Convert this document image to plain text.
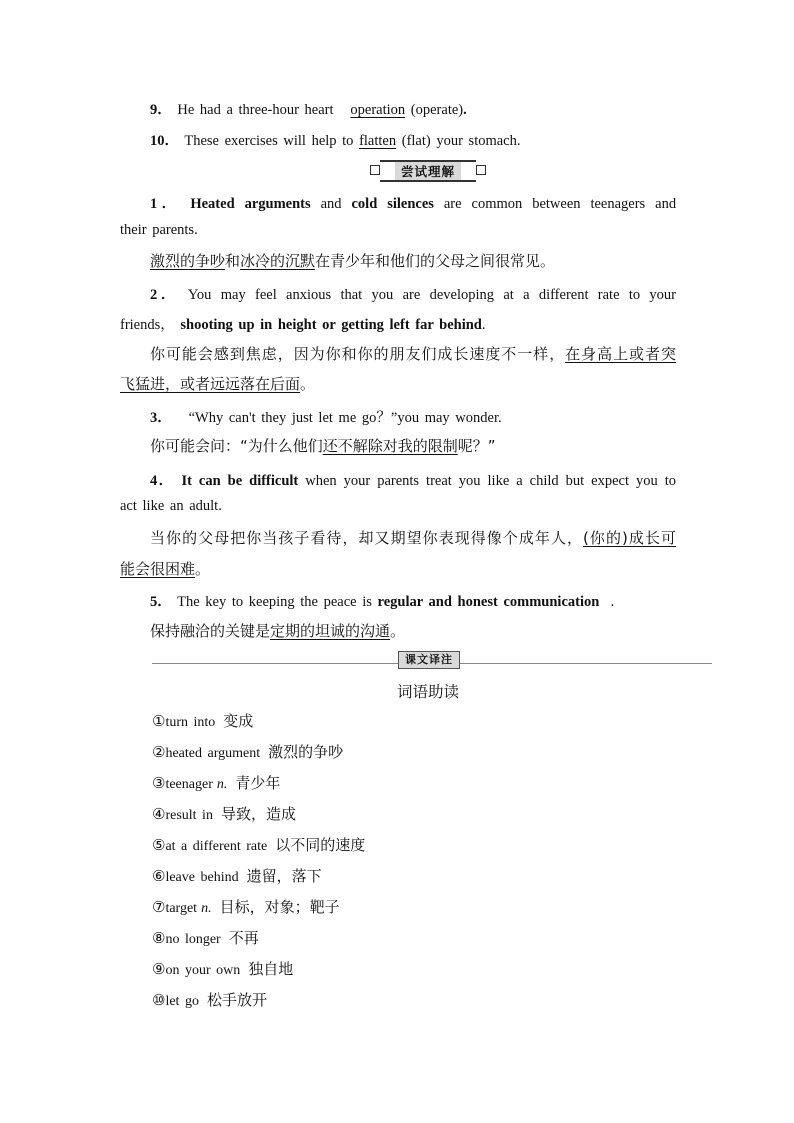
9． He had a three-hour heart operation (operate).
10． These exercises will help to flatten (flat) your stomach.
尝试理解
1． Heated arguments and cold silences are common between teenagers and
their parents.
激烈的争吵和冰冷的沉默在青少年和他们的父母之间很常见。
2． You may feel anxious that you are developing at a different rate to your
friends， shooting up in height or getting left far behind.
你可能会感到焦虑，因为你和你的朋友们成长速度不一样，在身高上或者突
飞猛进，或者远远落在后面。
3． “Why can't they just let me go？”you may wonder.
你可能会问：“为什么他们还不解除对我的限制呢？”
4． It can be difficult when your parents treat you like a child but expect you to
act like an adult.
当你的父母把你当孩子看待，却又期望你表现得像个成年人，(你的)成长可
能会很困难。
5． The key to keeping the peace is regular and honest communication .
保持融洽的关键是定期的坦诚的沟通。
课文译注
词语助读
①turn into 变成
②heated argument 激烈的争吵
③teenager n. 青少年
④result in 导致，造成
⑤at a different rate 以不同的速度
⑥leave behind 遗留，落下
⑦target n. 目标，对象；靶子
⑧no longer 不再
⑨on your own 独自地
⑩let go 松手放开
